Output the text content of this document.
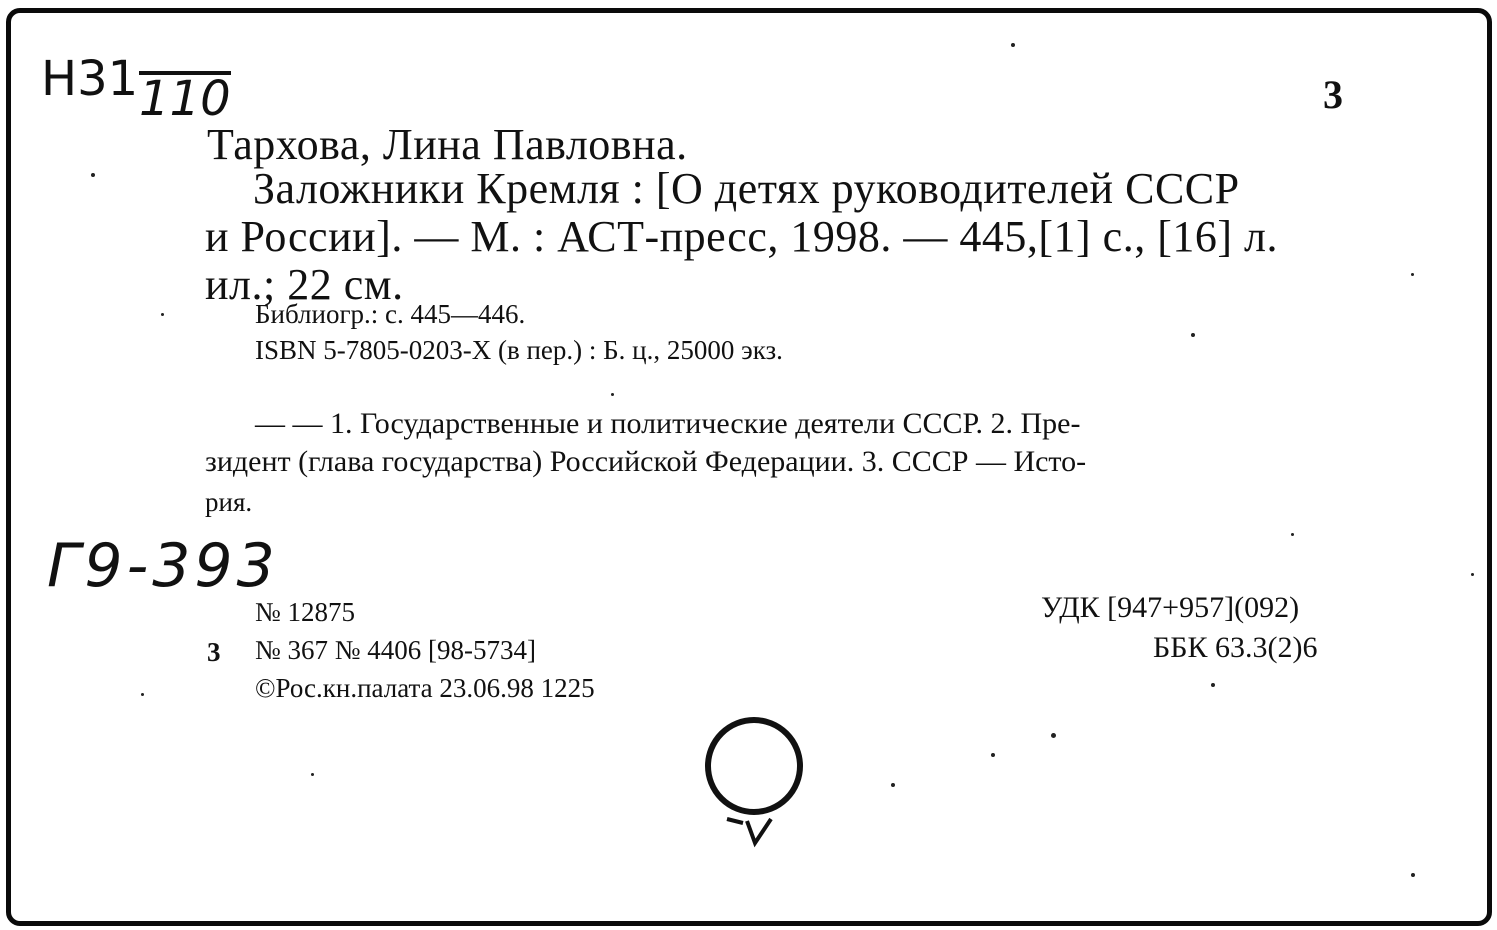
Н31 110	3
Тархова, Лина Павловна.
Заложники Кремля : [О детях руководителей СССР
и России]. — М. : АСТ-пресс, 1998. — 445,[1] с., [16] л.
ил.; 22 см.
Библиогр.: с. 445—446.
ISBN 5-7805-0203-X (в пер.) : Б. ц., 25000 экз.
— — 1. Государственные и политические деятели СССР. 2. Пре-
зидент (глава государства) Российской Федерации. 3. СССР — Исто-
рия.
Г9-393
№ 12875	УДК [947+957](092)
3 № 367 № 4406 [98-5734]	ББК 63.3(2)6
©Рос.кн.палата 23.06.98 1225
